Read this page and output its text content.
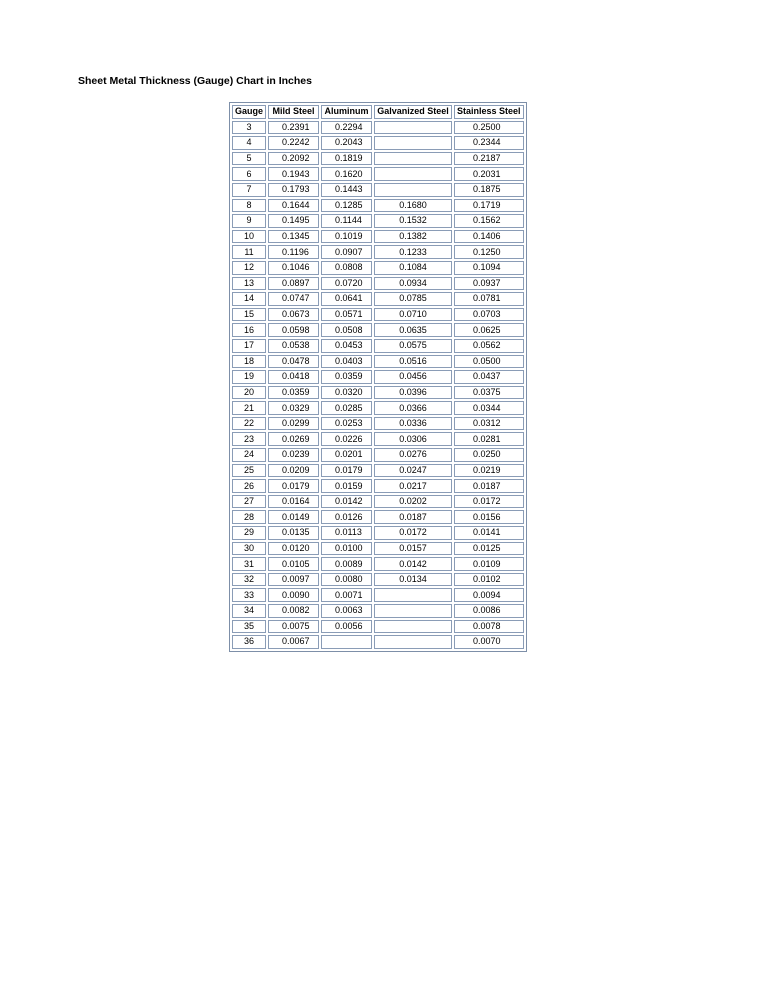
Sheet Metal Thickness (Gauge) Chart in Inches
Gauge	Mild Steel	Aluminum	Galvanized Steel	Stainless Steel
3	0.2391	0.2294		0.2500
4	0.2242	0.2043		0.2344
5	0.2092	0.1819		0.2187
6	0.1943	0.1620		0.2031
7	0.1793	0.1443		0.1875
8	0.1644	0.1285	0.1680	0.1719
9	0.1495	0.1144	0.1532	0.1562
10	0.1345	0.1019	0.1382	0.1406
11	0.1196	0.0907	0.1233	0.1250
12	0.1046	0.0808	0.1084	0.1094
13	0.0897	0.0720	0.0934	0.0937
14	0.0747	0.0641	0.0785	0.0781
15	0.0673	0.0571	0.0710	0.0703
16	0.0598	0.0508	0.0635	0.0625
17	0.0538	0.0453	0.0575	0.0562
18	0.0478	0.0403	0.0516	0.0500
19	0.0418	0.0359	0.0456	0.0437
20	0.0359	0.0320	0.0396	0.0375
21	0.0329	0.0285	0.0366	0.0344
22	0.0299	0.0253	0.0336	0.0312
23	0.0269	0.0226	0.0306	0.0281
24	0.0239	0.0201	0.0276	0.0250
25	0.0209	0.0179	0.0247	0.0219
26	0.0179	0.0159	0.0217	0.0187
27	0.0164	0.0142	0.0202	0.0172
28	0.0149	0.0126	0.0187	0.0156
29	0.0135	0.0113	0.0172	0.0141
30	0.0120	0.0100	0.0157	0.0125
31	0.0105	0.0089	0.0142	0.0109
32	0.0097	0.0080	0.0134	0.0102
33	0.0090	0.0071		0.0094
34	0.0082	0.0063		0.0086
35	0.0075	0.0056		0.0078
36	0.0067			0.0070
